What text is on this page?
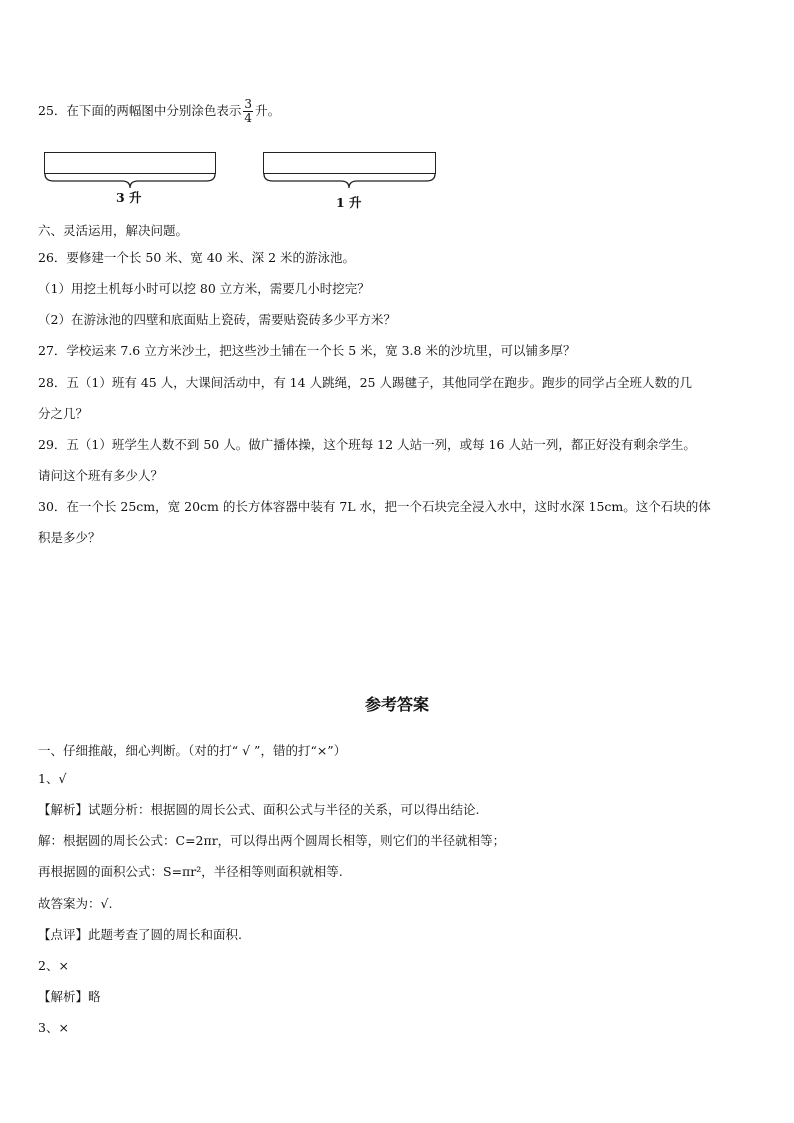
25．在下面的两幅图中分别涂色表示 $\frac{3}{4}$ 升。
3 升	1 升
六、灵活运用，解决问题。
26．要修建一个长 50 米、宽 40 米、深 2 米的游泳池。
（1）用挖土机每小时可以挖 80 立方米，需要几小时挖完？
（2）在游泳池的四壁和底面贴上瓷砖，需要贴瓷砖多少平方米？
27．学校运来 7.6 立方米沙土，把这些沙土铺在一个长 5 米，宽 3.8 米的沙坑里，可以铺多厚？
28．五（1）班有 45 人，大课间活动中，有 14 人跳绳，25 人踢毽子，其他同学在跑步。跑步的同学占全班人数的几
分之几？
29．五（1）班学生人数不到 50 人。做广播体操，这个班每 12 人站一列，或每 16 人站一列，都正好没有剩余学生。
请问这个班有多少人？
30．在一个长 25cm，宽 20cm 的长方体容器中装有 7L 水，把一个石块完全浸入水中，这时水深 15cm。这个石块的体
积是多少？
参考答案
一、仔细推敲，细心判断。（对的打“ √ ”，错的打“×”）
1、√
【解析】试题分析：根据圆的周长公式、面积公式与半径的关系，可以得出结论.
解：根据圆的周长公式：C=2πr，可以得出两个圆周长相等，则它们的半径就相等；
再根据圆的面积公式：S=πr²，半径相等则面积就相等.
故答案为：√.
【点评】此题考查了圆的周长和面积.
2、×
【解析】略
3、×
